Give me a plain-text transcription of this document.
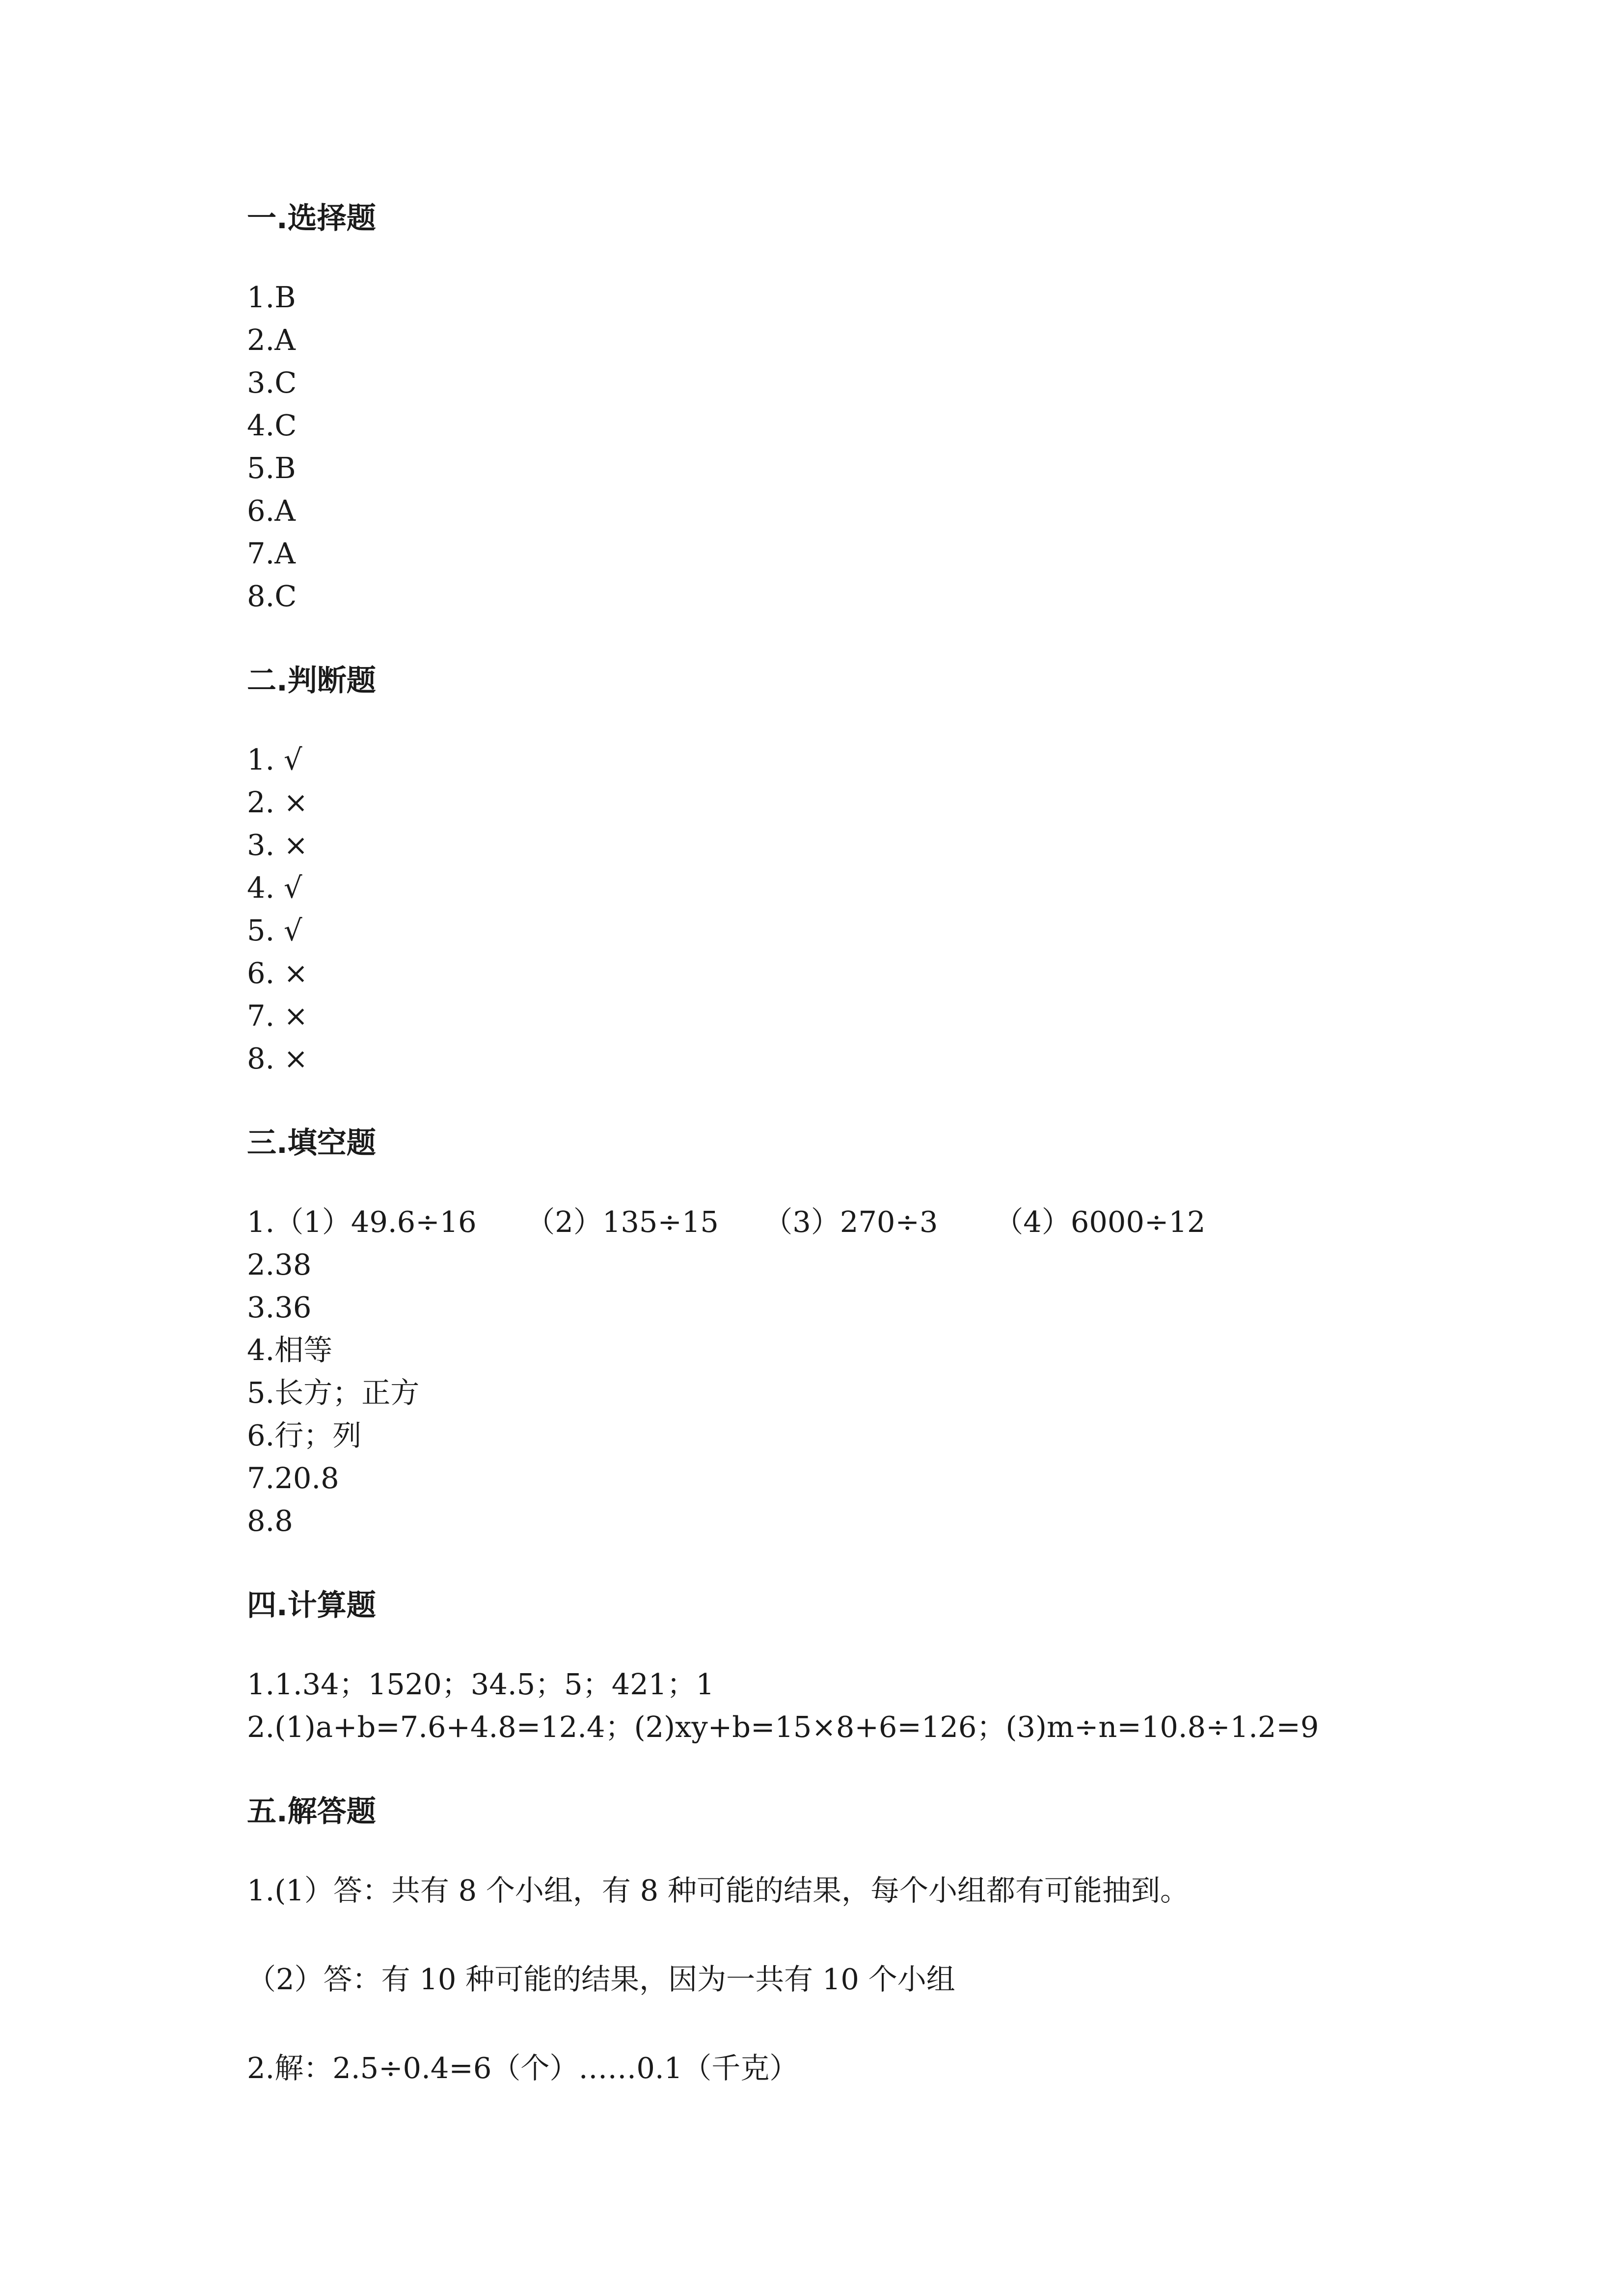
一.选择题
1.B
2.A
3.C
4.C
5.B
6.A
7.A
8.C
二.判断题
1. √
2. ×
3. ×
4. √
5. √
6. ×
7. ×
8. ×
三.填空题
1. （1）49.6÷16	（2）135÷15	（3）270÷3	（4）6000÷12
2.38
3.36
4.相等
5.长方；正方
6.行；列
7.20.8
8.8
四.计算题
1.1.34；1520；34.5；5；421；1
2.(1)a+b=7.6+4.8=12.4；(2)xy+b=15×8+6=126；(3)m÷n=10.8÷1.2=9
五.解答题
1.(1）答：共有 8 个小组，有 8 种可能的结果，每个小组都有可能抽到。
（2）答：有 10 种可能的结果，因为一共有 10 个小组
2.解：2.5÷0.4=6（个）……0.1（千克）
